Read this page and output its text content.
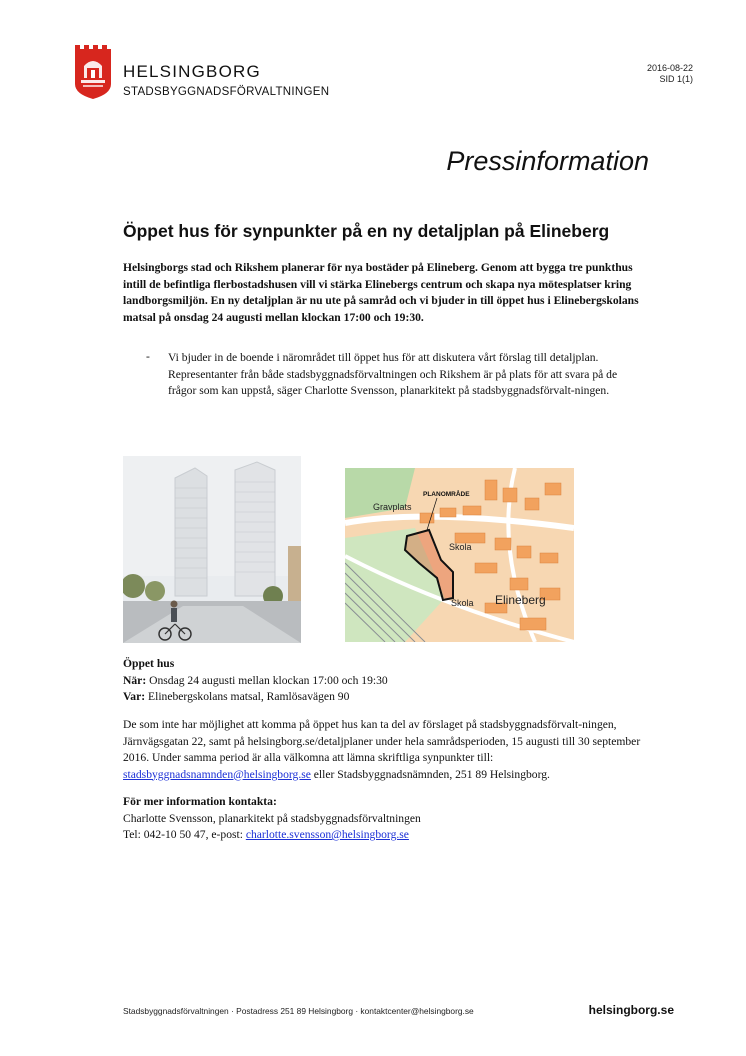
HELSINGBORG
STADSBYGGNADSFÖRVALTNINGEN
2016-08-22
SID 1(1)
Pressinformation
Öppet hus för synpunkter på en ny detaljplan på Elineberg
Helsingborgs stad och Rikshem planerar för nya bostäder på Elineberg. Genom att bygga tre punkthus intill de befintliga flerbostadshusen vill vi stärka Elinebergs centrum och skapa nya mötesplatser kring landborgsmiljön. En ny detaljplan är nu ute på samråd och vi bjuder in till öppet hus i Elinebergskolans matsal på onsdag 24 augusti mellan klockan 17:00 och 19:30.
- Vi bjuder in de boende i närområdet till öppet hus för att diskutera vårt förslag till detaljplan. Representanter från både stadsbyggnadsförvaltningen och Rikshem är på plats för att svara på de frågor som kan uppstå, säger Charlotte Svensson, planarkitekt på stadsbyggnadsförvalt-ningen.
PLANOMRÅDE
Gravplats
Skola
Skola Elineberg
Öppet hus
När: Onsdag 24 augusti mellan klockan 17:00 och 19:30
Var: Elinebergskolans matsal, Ramlösavägen 90
De som inte har möjlighet att komma på öppet hus kan ta del av förslaget på stadsbyggnadsförvalt-ningen, Järnvägsgatan 22, samt på helsingborg.se/detaljplaner under hela samrådsperioden, 15 augusti till 30 september 2016. Under samma period är alla välkomna att lämna skriftliga synpunkter till: stadsbyggnadsnamnden@helsingborg.se eller Stadsbyggnadsnämnden, 251 89 Helsingborg.
För mer information kontakta:
Charlotte Svensson, planarkitekt på stadsbyggnadsförvaltningen
Tel: 042-10 50 47, e-post: charlotte.svensson@helsingborg.se
Stadsbyggnadsförvaltningen · Postadress 251 89 Helsingborg · kontaktcenter@helsingborg.se	helsingborg.se
